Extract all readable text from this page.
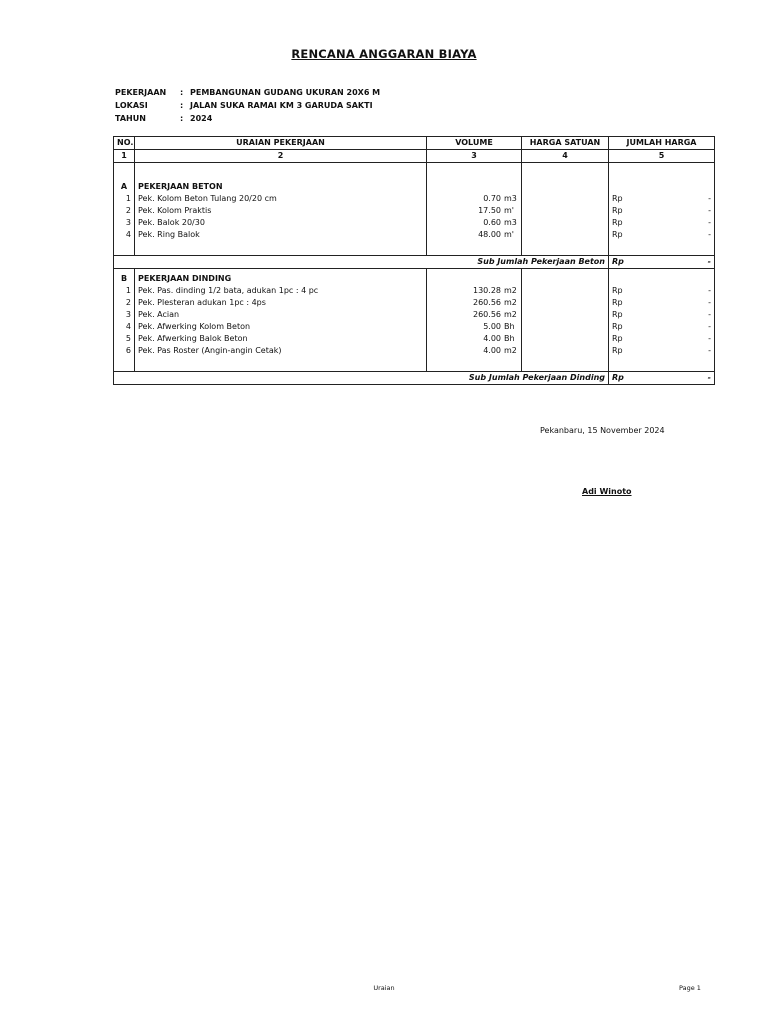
RENCANA ANGGARAN BIAYA
PEKERJAAN	: PEMBANGUNAN GUDANG UKURAN 20X6 M
LOKASI	: JALAN SUKA RAMAI KM 3 GARUDA SAKTI
TAHUN	: 2024
NO.	URAIAN PEKERJAAN	VOLUME	HARGA SATUAN	JUMLAH HARGA
1	2	3	4	5

A	PEKERJAAN BETON			
1	Pek. Kolom Beton Tulang 20/20 cm	0.70 m3		Rp -

2	Pek. Kolom Praktis	17.50 m'		Rp -

3	Pek. Balok 20/30	0.60 m3		Rp -

4	Pek. Ring Balok	48.00 m'		Rp -

Sub Jumlah Pekerjaan Beton				Rp -

B	PEKERJAAN DINDING			
1	Pek. Pas. dinding 1/2 bata, adukan 1pc : 4 pc	130.28 m2		Rp -

2	Pek. Plesteran adukan 1pc : 4ps	260.56 m2		Rp -

3	Pek. Acian	260.56 m2		Rp -

4	Pek. Afwerking Kolom Beton	5.00 Bh		Rp -

5	Pek. Afwerking Balok Beton	4.00 Bh		Rp -

6	Pek. Pas Roster (Angin-angin Cetak)	4.00 m2		Rp -

Sub Jumlah Pekerjaan Dinding				Rp -
Pekanbaru, 15 November 2024
Adi Winoto
Uraian	Page 1
